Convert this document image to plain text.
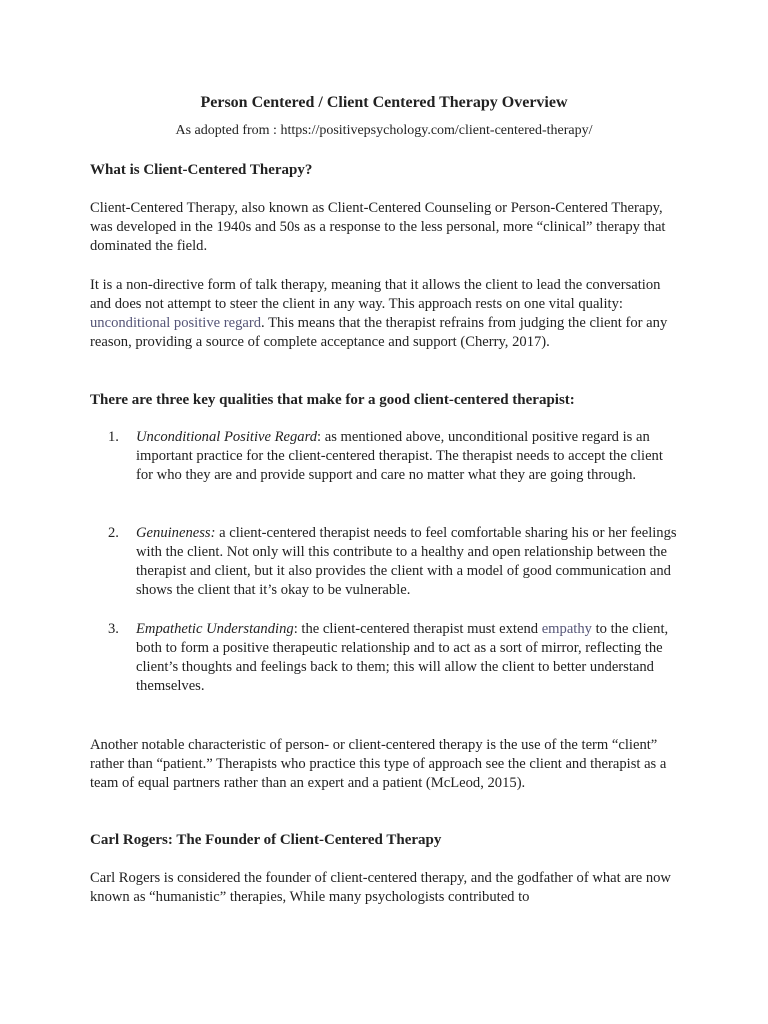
Person Centered / Client Centered Therapy Overview

As adopted from : https://positivepsychology.com/client-centered-therapy/

What is Client-Centered Therapy?

Client-Centered Therapy, also known as Client-Centered Counseling or Person-Centered Therapy, was developed in the 1940s and 50s as a response to the less personal, more “clinical” therapy that dominated the field.

It is a non-directive form of talk therapy, meaning that it allows the client to lead the conversation and does not attempt to steer the client in any way. This approach rests on one vital quality: unconditional positive regard. This means that the therapist refrains from judging the client for any reason, providing a source of complete acceptance and support (Cherry, 2017).

There are three key qualities that make for a good client-centered therapist:
1.	Unconditional Positive Regard: as mentioned above, unconditional positive regard is an important practice for the client-centered therapist. The therapist needs to accept the client for who they are and provide support and care no matter what they are going through.
2.	Genuineness: a client-centered therapist needs to feel comfortable sharing his or her feelings with the client. Not only will this contribute to a healthy and open relationship between the therapist and client, but it also provides the client with a model of good communication and shows the client that it’s okay to be vulnerable.
3.	Empathetic Understanding: the client-centered therapist must extend empathy to the client, both to form a positive therapeutic relationship and to act as a sort of mirror, reflecting the client’s thoughts and feelings back to them; this will allow the client to better understand themselves.

Another notable characteristic of person- or client-centered therapy is the use of the term “client” rather than “patient.” Therapists who practice this type of approach see the client and therapist as a team of equal partners rather than an expert and a patient (McLeod, 2015).

Carl Rogers: The Founder of Client-Centered Therapy

Carl Rogers is considered the founder of client-centered therapy, and the godfather of what are now known as “humanistic” therapies, While many psychologists contributed to
